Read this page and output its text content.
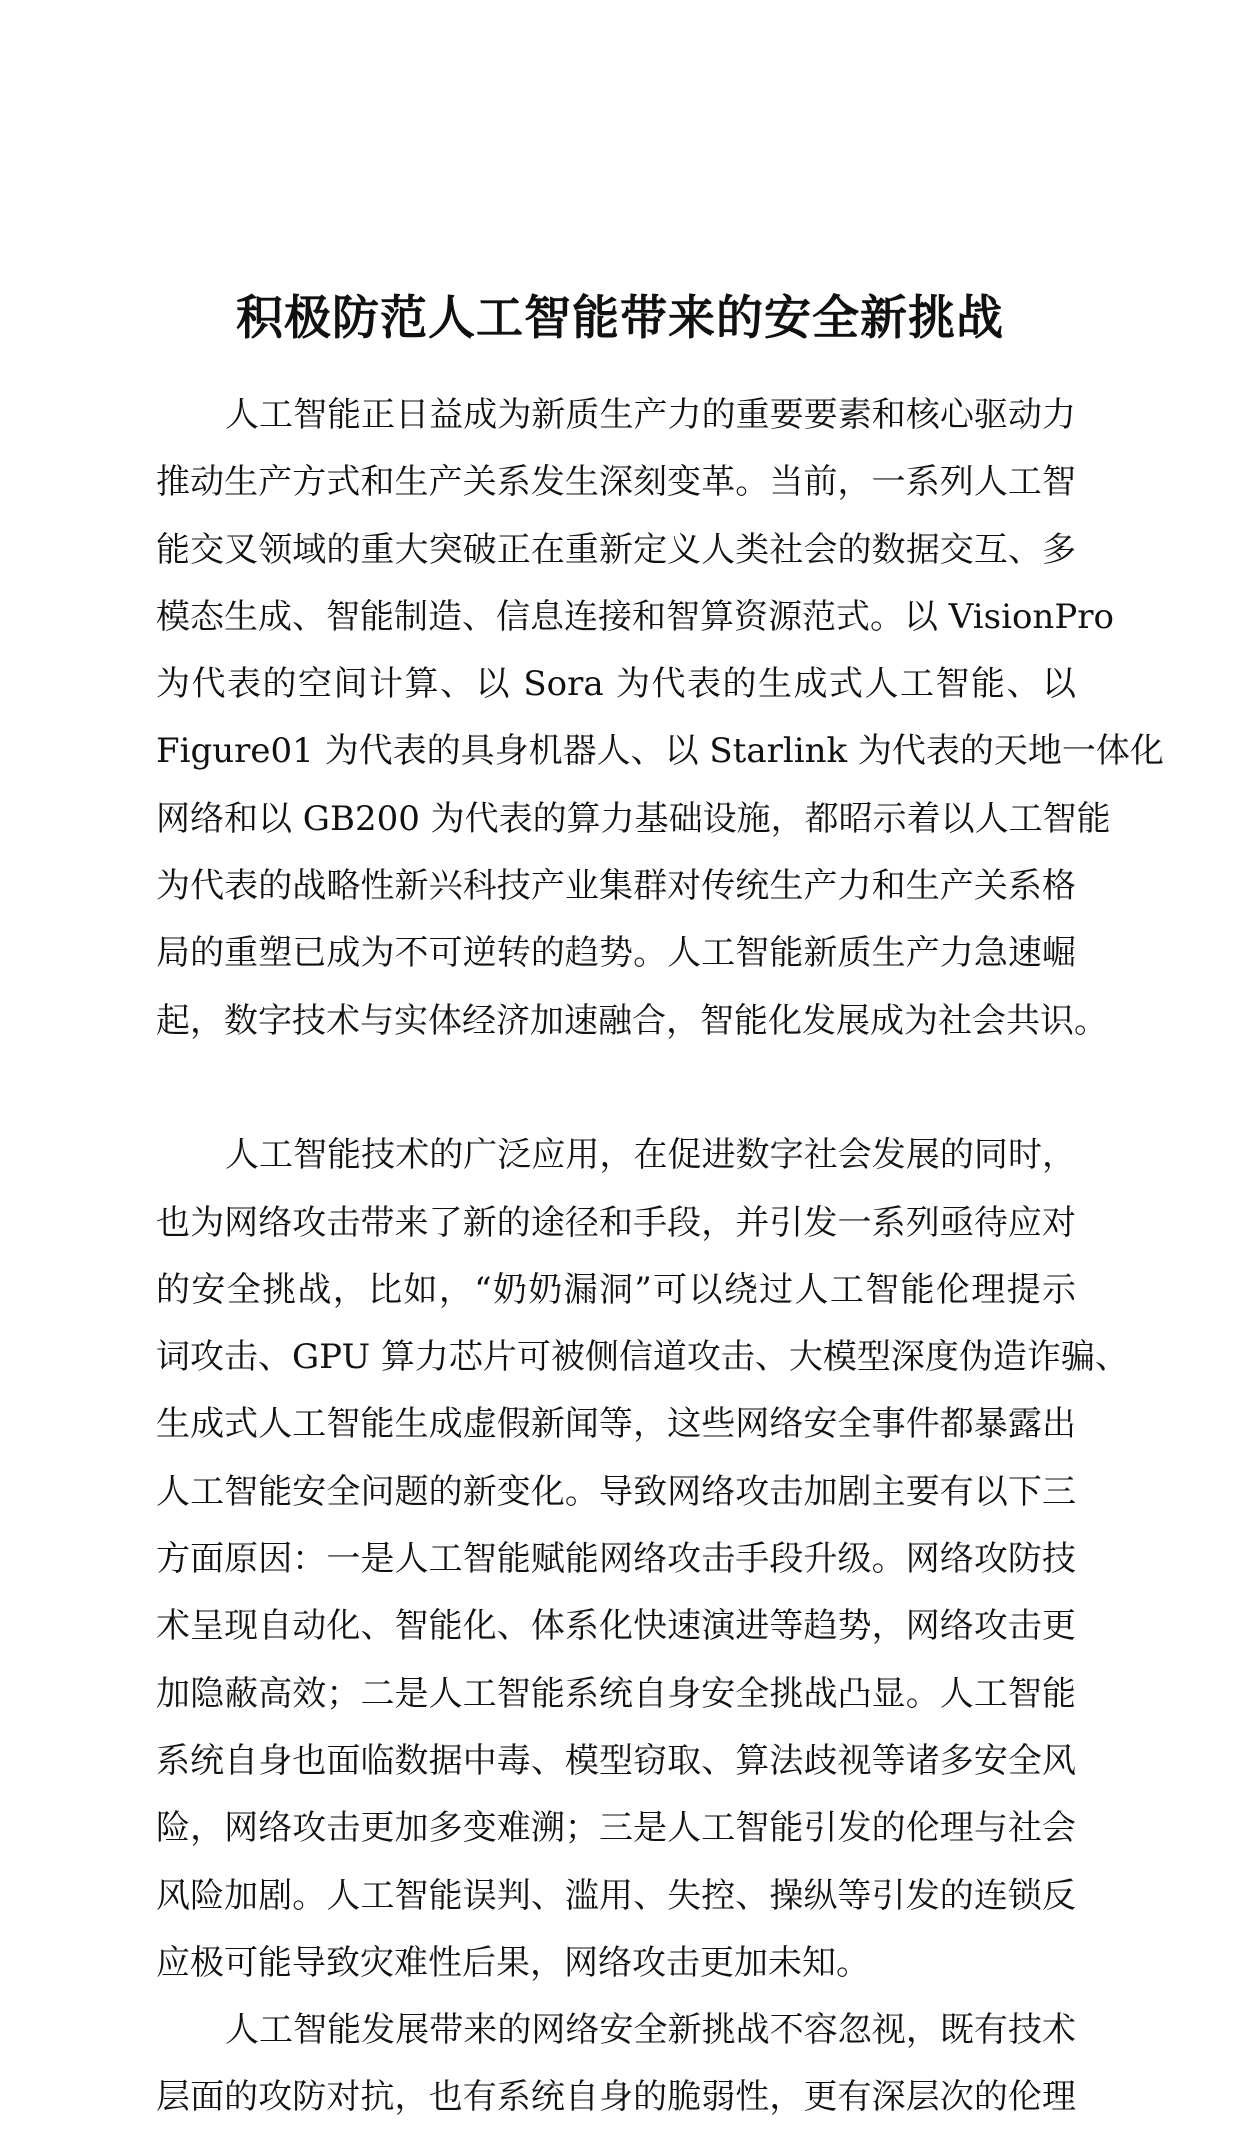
积极防范人工智能带来的安全新挑战

人工智能正日益成为新质生产力的重要要素和核心驱动力
推动生产方式和生产关系发生深刻变革。当前，一系列人工智
能交叉领域的重大突破正在重新定义人类社会的数据交互、多
模态生成、智能制造、信息连接和智算资源范式。以 VisionPro
为代表的空间计算、以 Sora 为代表的生成式人工智能、以
Figure01 为代表的具身机器人、以 Starlink 为代表的天地一体化
网络和以 GB200 为代表的算力基础设施，都昭示着以人工智能
为代表的战略性新兴科技产业集群对传统生产力和生产关系格
局的重塑已成为不可逆转的趋势。人工智能新质生产力急速崛
起，数字技术与实体经济加速融合，智能化发展成为社会共识。

人工智能技术的广泛应用，在促进数字社会发展的同时，
也为网络攻击带来了新的途径和手段，并引发一系列亟待应对
的安全挑战，比如，“奶奶漏洞”可以绕过人工智能伦理提示
词攻击、GPU 算力芯片可被侧信道攻击、大模型深度伪造诈骗、
生成式人工智能生成虚假新闻等，这些网络安全事件都暴露出
人工智能安全问题的新变化。导致网络攻击加剧主要有以下三
方面原因：一是人工智能赋能网络攻击手段升级。网络攻防技
术呈现自动化、智能化、体系化快速演进等趋势，网络攻击更
加隐蔽高效；二是人工智能系统自身安全挑战凸显。人工智能
系统自身也面临数据中毒、模型窃取、算法歧视等诸多安全风
险，网络攻击更加多变难溯；三是人工智能引发的伦理与社会
风险加剧。人工智能误判、滥用、失控、操纵等引发的连锁反
应极可能导致灾难性后果，网络攻击更加未知。

人工智能发展带来的网络安全新挑战不容忽视，既有技术
层面的攻防对抗，也有系统自身的脆弱性，更有深层次的伦理
